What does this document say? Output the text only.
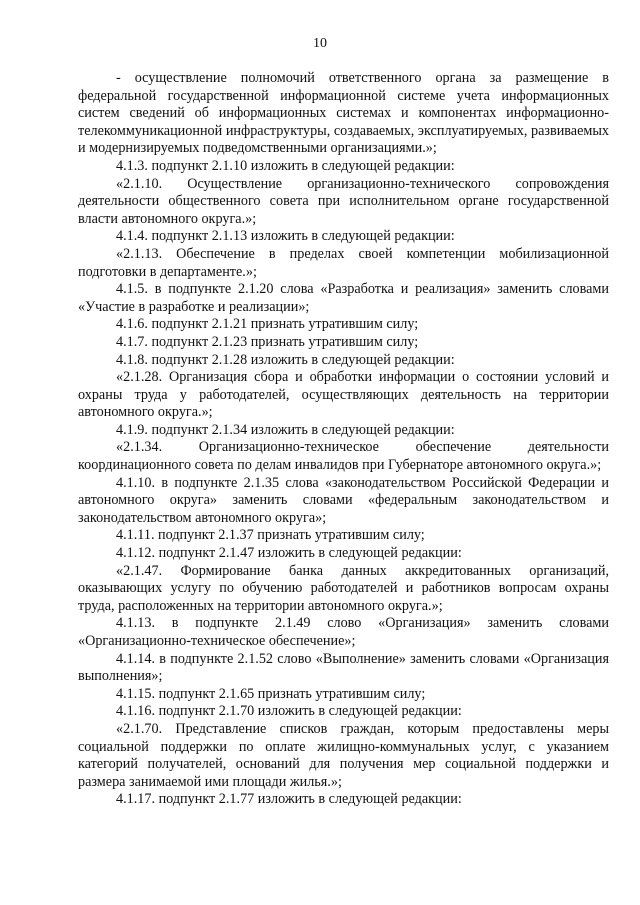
10

- осуществление полномочий ответственного органа за размещение в федеральной государственной информационной системе учета информационных систем сведений об информационных системах и компонентах информационно-телекоммуникационной инфраструктуры, создаваемых, эксплуатируемых, развиваемых и модернизируемых подведомственными организациями.»;

4.1.3. подпункт 2.1.10 изложить в следующей редакции:

«2.1.10. Осуществление организационно-технического сопровождения деятельности общественного совета при исполнительном органе государственной власти автономного округа.»;

4.1.4. подпункт 2.1.13 изложить в следующей редакции:

«2.1.13. Обеспечение в пределах своей компетенции мобилизационной подготовки в департаменте.»;

4.1.5. в подпункте 2.1.20 слова «Разработка и реализация» заменить словами «Участие в разработке и реализации»;

4.1.6. подпункт 2.1.21 признать утратившим силу;

4.1.7. подпункт 2.1.23 признать утратившим силу;

4.1.8. подпункт 2.1.28 изложить в следующей редакции:

«2.1.28. Организация сбора и обработки информации о состоянии условий и охраны труда у работодателей, осуществляющих деятельность на территории автономного округа.»;

4.1.9. подпункт 2.1.34 изложить в следующей редакции:

«2.1.34. Организационно-техническое обеспечение деятельности координационного совета по делам инвалидов при Губернаторе автономного округа.»;

4.1.10. в подпункте 2.1.35 слова «законодательством Российской Федерации и автономного округа» заменить словами «федеральным законодательством и законодательством автономного округа»;

4.1.11. подпункт 2.1.37 признать утратившим силу;

4.1.12. подпункт 2.1.47 изложить в следующей редакции:

«2.1.47. Формирование банка данных аккредитованных организаций, оказывающих услугу по обучению работодателей и работников вопросам охраны труда, расположенных на территории автономного округа.»;

4.1.13. в подпункте 2.1.49 слово «Организация» заменить словами «Организационно-техническое обеспечение»;

4.1.14. в подпункте 2.1.52 слово «Выполнение» заменить словами «Организация выполнения»;

4.1.15. подпункт 2.1.65 признать утратившим силу;

4.1.16. подпункт 2.1.70 изложить в следующей редакции:

«2.1.70. Представление списков граждан, которым предоставлены меры социальной поддержки по оплате жилищно-коммунальных услуг, с указанием категорий получателей, оснований для получения мер социальной поддержки и размера занимаемой ими площади жилья.»;

4.1.17. подпункт 2.1.77 изложить в следующей редакции:
